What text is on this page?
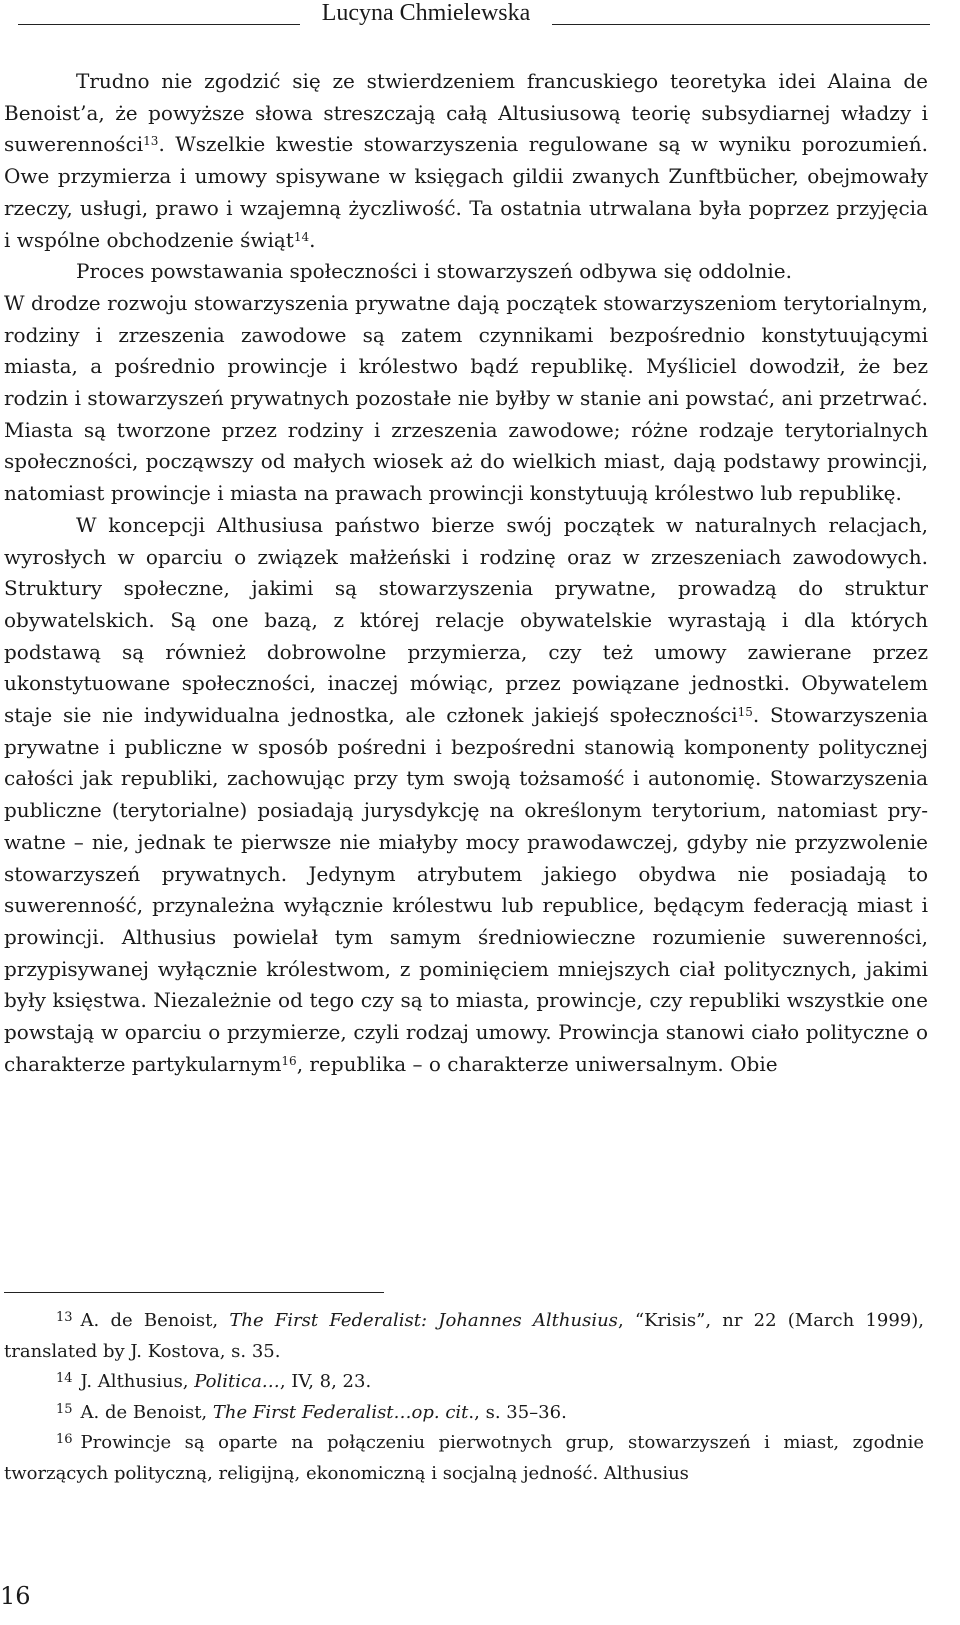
Lucyna Chmielewska

Trudno nie zgodzić się ze stwierdzeniem francuskiego teoretyka idei Alaina de Benoist’a, że powyższe słowa streszczają całą Altusiusową teorię subsydiarnej władzy i suwerenności$^{13}$. Wszelkie kwestie stowarzyszenia regulowane są w wyniku porozumień. Owe przymierza i umowy spisywane w księgach gildii zwanych Zunftbücher, obejmowały rzeczy, usługi, prawo i wzajemną życzliwość. Ta ostatnia utrwalana była poprzez przyjęcia i wspólne obchodzenie świąt$^{14}$.

Proces powstawania społeczności i stowarzyszeń odbywa się oddolnie.

W drodze rozwoju stowarzyszenia prywatne dają początek stowarzyszeniom terytorialnym, rodziny i zrzeszenia zawodowe są zatem czynnikami bezpośrednio konstytuującymi miasta, a pośrednio prowincje i królestwo bądź republikę. Myśliciel dowodził, że bez rodzin i stowarzyszeń prywatnych pozostałe nie byłby w stanie ani powstać, ani przetrwać. Miasta są tworzone przez rodziny i zrzeszenia zawodowe; różne rodzaje terytorialnych społeczności, począwszy od małych wiosek aż do wielkich miast, dają podstawy prowincji, natomiast prowincje i miasta na prawach prowincji konstytuują królestwo lub republikę.

W koncepcji Althusiusa państwo bierze swój początek w naturalnych relacjach, wyrosłych w oparciu o związek małżeński i rodzinę oraz w zrzeszeniach zawodowych. Struktury społeczne, jakimi są stowarzyszenia prywatne, prowadzą do struktur obywatelskich. Są one bazą, z której relacje obywatelskie wyrastają i dla których podstawą są również dobrowolne przymierza, czy też umowy zawierane przez ukonstytuowane społeczności, inaczej mówiąc, przez powiązane jednostki. Obywatelem staje sie nie indywidualna jednostka, ale członek jakiejś społeczności$^{15}$. Stowarzyszenia prywatne i publiczne w sposób pośredni i bezpośredni stanowią komponenty politycznej całości jak republiki, zachowując przy tym swoją tożsamość i autonomię. Stowarzyszenia publiczne (terytorialne) posiadają jurysdykcję na określonym terytorium, natomiast prywatne – nie, jednak te pierwsze nie miałyby mocy prawodawczej, gdyby nie przyzwolenie stowarzyszeń prywatnych. Jedynym atrybutem jakiego obydwa nie posiadają to suwerenność, przynależna wyłącznie królestwu lub republice, będącym federacją miast i prowincji. Althusius powielał tym samym średniowieczne rozumienie suwerenności, przypisywanej wyłącznie królestwom, z pominięciem mniejszych ciał politycznych, jakimi były księstwa. Niezależnie od tego czy są to miasta, prowincje, czy republiki wszystkie one powstają w oparciu o przymierze, czyli rodzaj umowy. Prowincja stanowi ciało polityczne o charakterze partykularnym$^{16}$, republika – o charakterze uniwersalnym. Obie

$^{13}$ A. de Benoist, The First Federalist: Johannes Althusius, “Krisis”, nr 22 (March 1999), translated by J. Kostova, s. 35.

$^{14}$ J. Althusius, Politica…, IV, 8, 23.

$^{15}$ A. de Benoist, The First Federalist…op. cit., s. 35–36.

$^{16}$ Prowincje są oparte na połączeniu pierwotnych grup, stowarzyszeń i miast, zgodnie tworzących polityczną, religijną, ekonomiczną i socjalną jedność. Althusius

16
